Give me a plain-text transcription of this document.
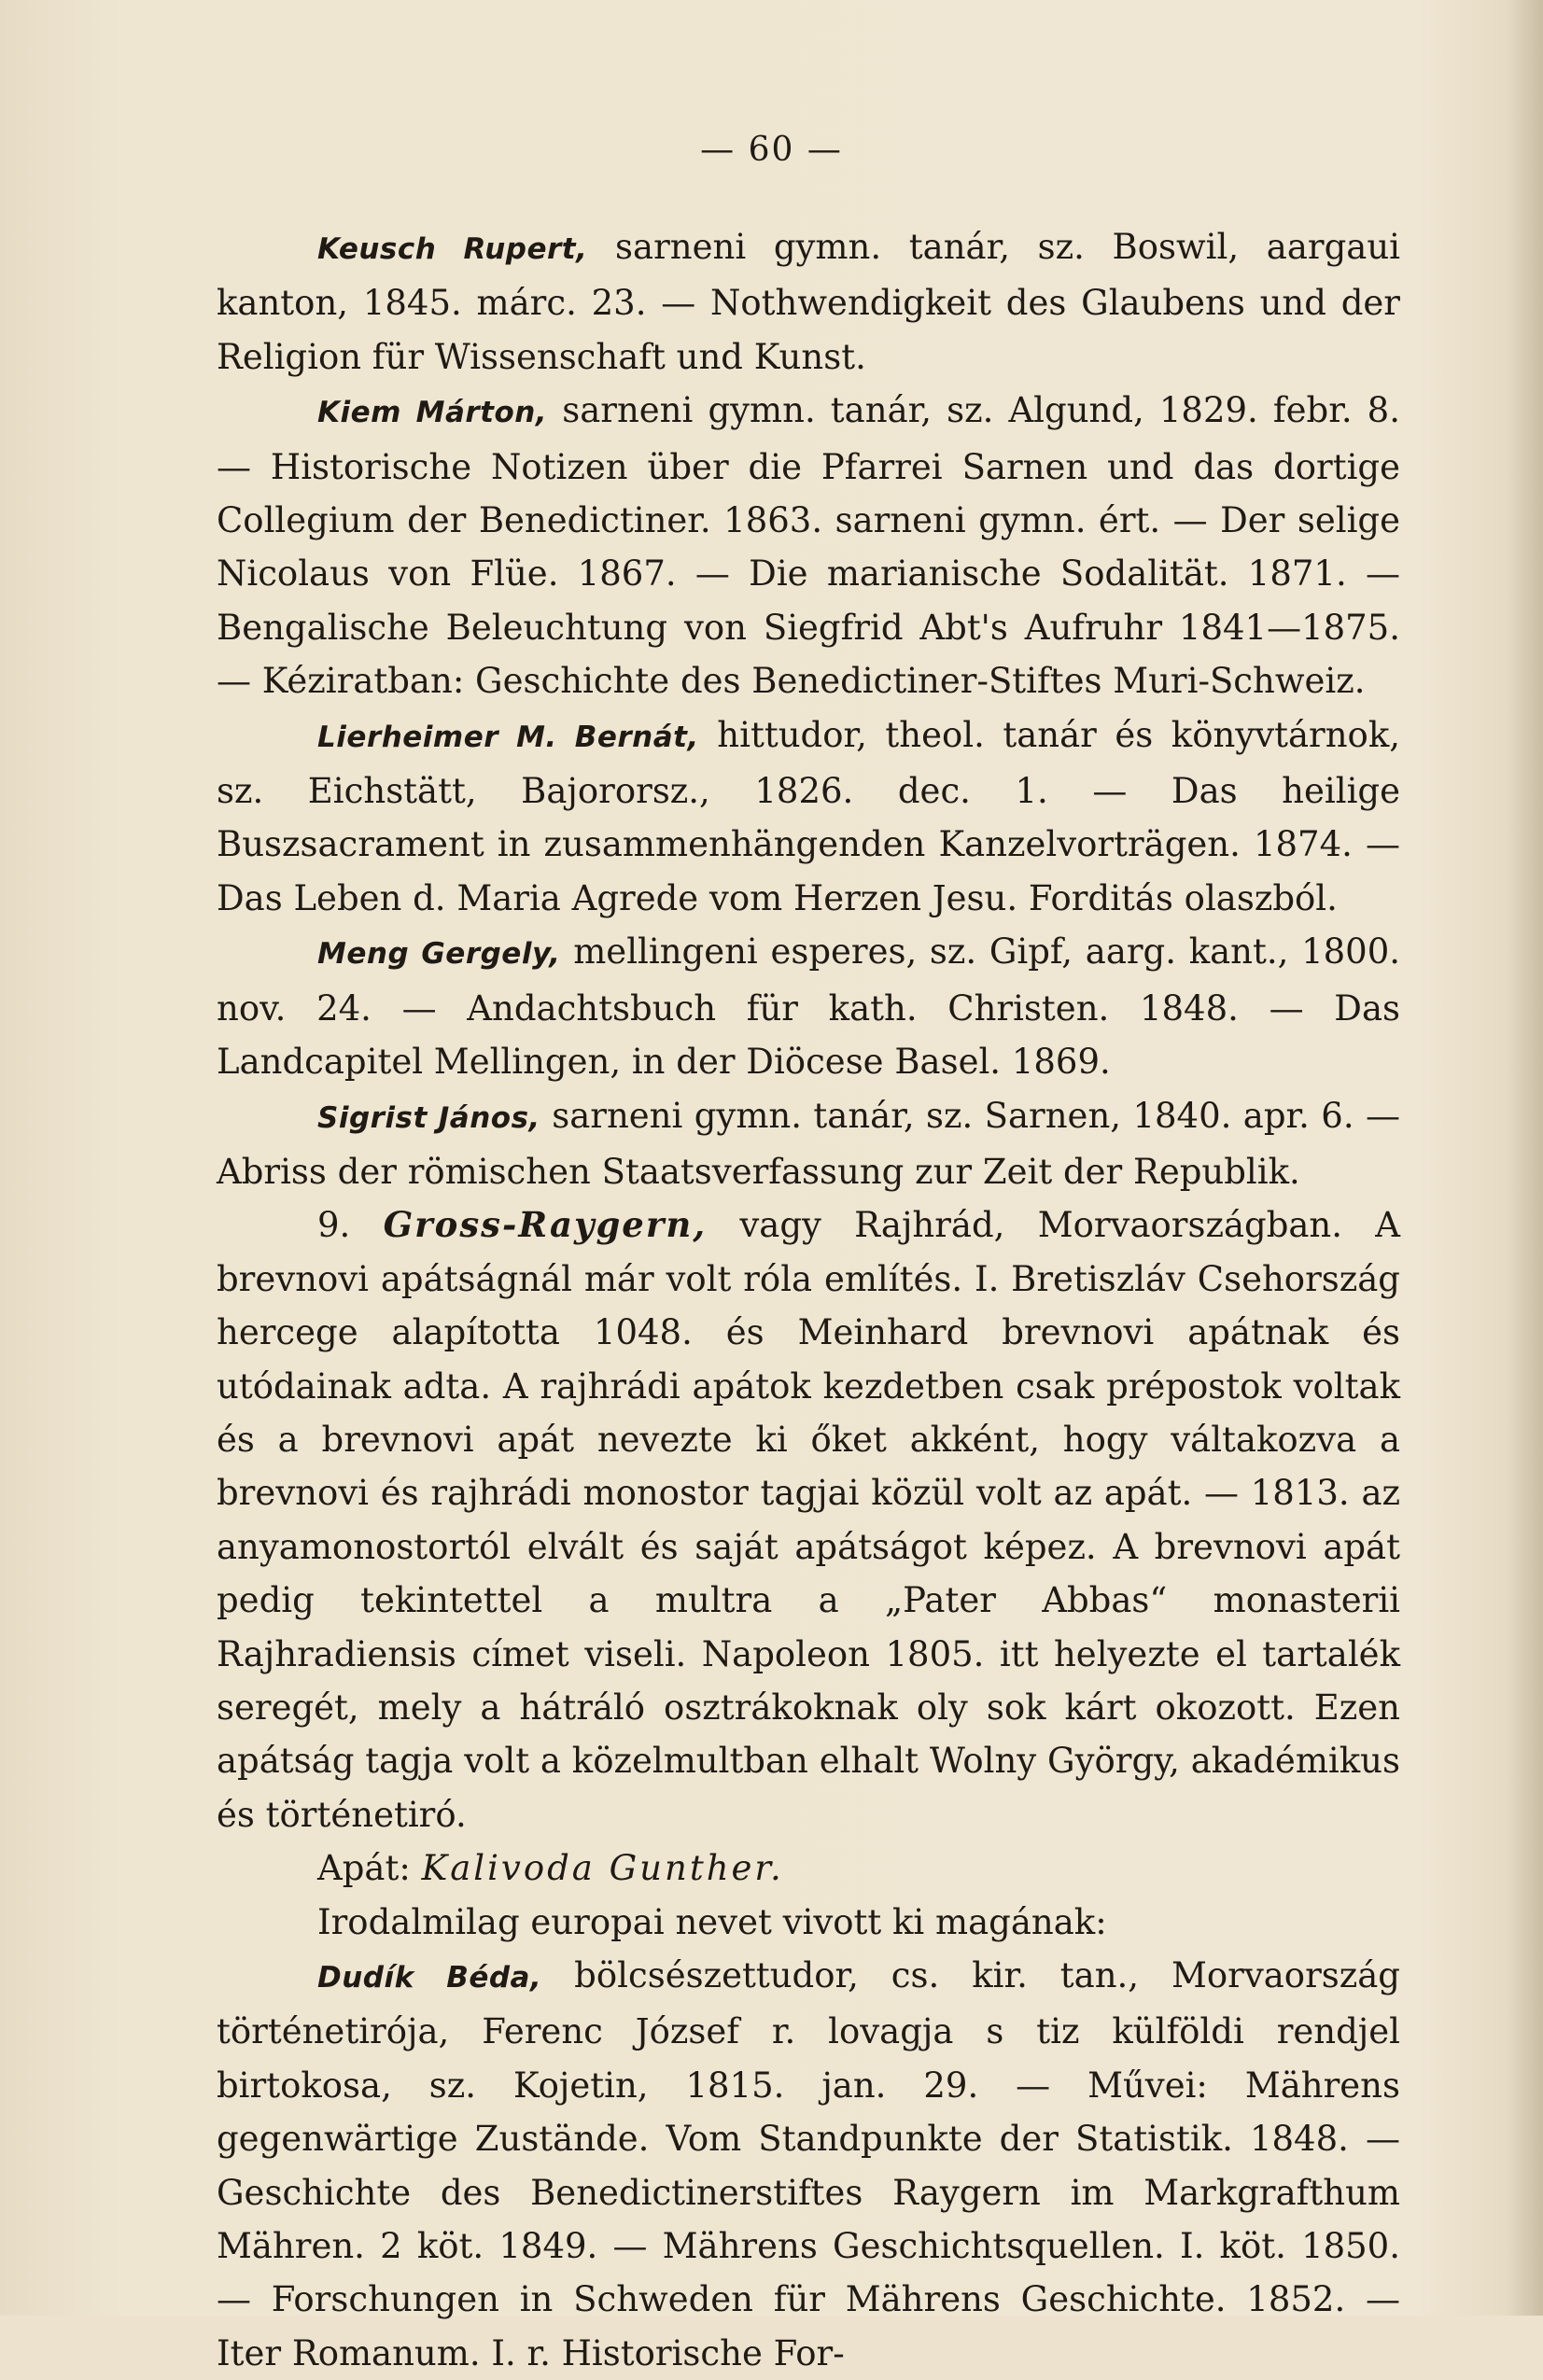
— 60 —

Keusch Rupert, sarneni gymn. tanár, sz. Boswil, aargaui kanton, 1845. márc. 23. — Nothwendigkeit des Glaubens und der Religion für Wissenschaft und Kunst.

Kiem Márton, sarneni gymn. tanár, sz. Algund, 1829. febr. 8. — Historische Notizen über die Pfarrei Sarnen und das dortige Collegium der Benedictiner. 1863. sarneni gymn. ért. — Der selige Nicolaus von Flüe. 1867. — Die marianische Sodalität. 1871. — Bengalische Beleuchtung von Siegfrid Abt's Aufruhr 1841—1875. — Kéziratban: Geschichte des Benedictiner-Stiftes Muri-Schweiz.

Lierheimer M. Bernát, hittudor, theol. tanár és könyvtárnok, sz. Eichstätt, Bajororsz., 1826. dec. 1. — Das heilige Buszsacrament in zusammenhängenden Kanzelvorträgen. 1874. — Das Leben d. Maria Agrede vom Herzen Jesu. Forditás olaszból.

Meng Gergely, mellingeni esperes, sz. Gipf, aarg. kant., 1800. nov. 24. — Andachtsbuch für kath. Christen. 1848. — Das Landcapitel Mellingen, in der Diöcese Basel. 1869.

Sigrist János, sarneni gymn. tanár, sz. Sarnen, 1840. apr. 6. — Abriss der römischen Staatsverfassung zur Zeit der Republik.

9. Gross-Raygern, vagy Rajhrád, Morvaországban. A brevnovi apátságnál már volt róla említés. I. Bretiszláv Csehország hercege alapította 1048. és Meinhard brevnovi apátnak és utódainak adta. A rajhrádi apátok kezdetben csak prépostok voltak és a brevnovi apát nevezte ki őket akként, hogy váltakozva a brevnovi és rajhrádi monostor tagjai közül volt az apát. — 1813. az anyamonostortól elvált és saját apátságot képez. A brevnovi apát pedig tekintettel a multra a „Pater Abbas“ monasterii Rajhradiensis címet viseli. Napoleon 1805. itt helyezte el tartalék seregét, mely a hátráló osztrákoknak oly sok kárt okozott. Ezen apátság tagja volt a közelmultban elhalt Wolny György, akadémikus és történetiró.

Apát: Kalivoda Gunther.

Irodalmilag europai nevet vivott ki magának:

Dudík Béda, bölcsészettudor, cs. kir. tan., Morvaország történetirója, Ferenc József r. lovagja s tiz külföldi rendjel birtokosa, sz. Kojetin, 1815. jan. 29. — Művei: Mährens gegenwärtige Zustände. Vom Standpunkte der Statistik. 1848. — Geschichte des Benedictinerstiftes Raygern im Markgrafthum Mähren. 2 köt. 1849. — Mährens Geschichtsquellen. I. köt. 1850. — Forschungen in Schweden für Mährens Geschichte. 1852. — Iter Romanum. I. r. Historische For-
